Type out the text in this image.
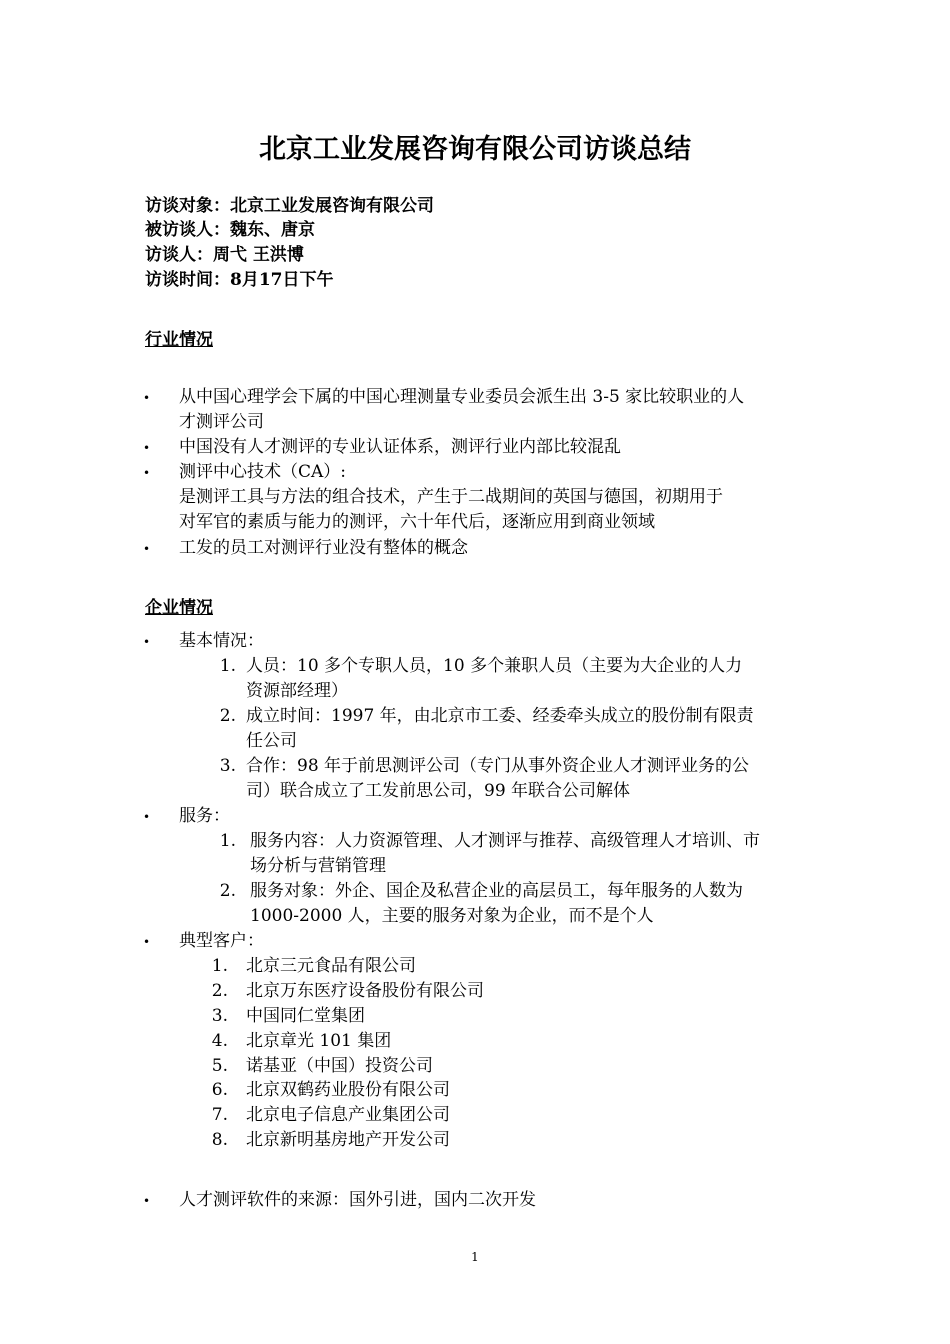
北京工业发展咨询有限公司访谈总结
访谈对象：北京工业发展咨询有限公司
被访谈人：魏东、唐京
访谈人：周弋 王洪博
访谈时间：8月17日下午
行业情况
• 从中国心理学会下属的中国心理测量专业委员会派生出 3-5 家比较职业的人
才测评公司
• 中国没有人才测评的专业认证体系，测评行业内部比较混乱
• 测评中心技术（CA）:
是测评工具与方法的组合技术，产生于二战期间的英国与德国，初期用于
对军官的素质与能力的测评，六十年代后，逐渐应用到商业领域
• 工发的员工对测评行业没有整体的概念
企业情况
• 基本情况：
1. 人员：10 多个专职人员，10 多个兼职人员（主要为大企业的人力
资源部经理）
2. 成立时间：1997 年，由北京市工委、经委牵头成立的股份制有限责
任公司
3. 合作：98 年于前思测评公司（专门从事外资企业人才测评业务的公
司）联合成立了工发前思公司，99 年联合公司解体
• 服务：
1. 服务内容：人力资源管理、人才测评与推荐、高级管理人才培训、市
场分析与营销管理
2. 服务对象：外企、国企及私营企业的高层员工，每年服务的人数为
1000-2000 人，主要的服务对象为企业，而不是个人
• 典型客户：
1. 北京三元食品有限公司
2. 北京万东医疗设备股份有限公司
3. 中国同仁堂集团
4. 北京章光 101 集团
5. 诺基亚（中国）投资公司
6. 北京双鹤药业股份有限公司
7. 北京电子信息产业集团公司
8. 北京新明基房地产开发公司
• 人才测评软件的来源：国外引进，国内二次开发
1
